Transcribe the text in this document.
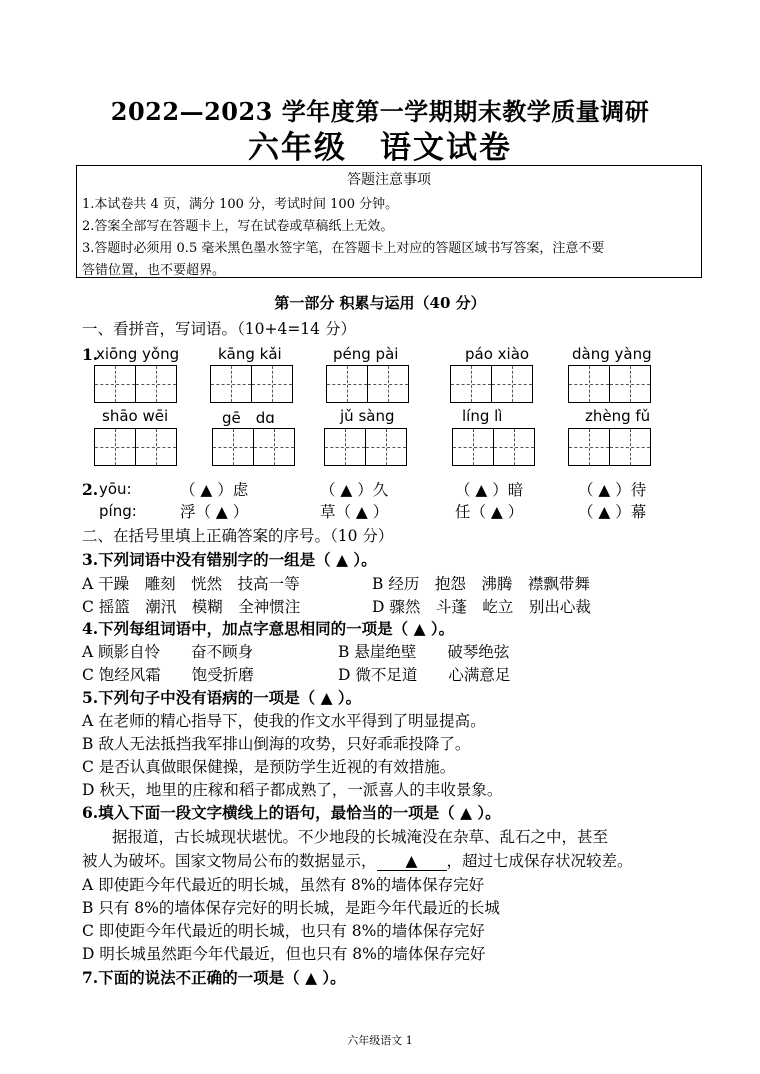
2022—2023 学年度第一学期期末教学质量调研
六年级　语文试卷
答题注意事项
1.本试卷共 4 页，满分 100 分，考试时间 100 分钟。
2.答案全部写在答题卡上，写在试卷或草稿纸上无效。
3.答题时必须用 0.5 毫米黑色墨水签字笔，在答题卡上对应的答题区域书写答案，注意不要
答错位置，也不要超界。
第一部分 积累与运用（40 分）
一、看拼音，写词语。（10+4=14 分）
1.
xiōng yǒng	kāng kǎi	péng pài	páo xiào	dàng yàng
shāo wēi	gē　dɑ	jǔ sàng	líng lì	zhèng fǔ
2. yōu:	（ ▲ ）虑	（ ▲ ）久	（ ▲ ）暗	（ ▲ ）待
píng:	浮（ ▲ ）	草（ ▲ ）	任（ ▲ ）	（ ▲ ）幕
二、在括号里填上正确答案的序号。（10 分）
3.下列词语中没有错别字的一组是（ ▲ ）。
A 干躁　雕刻　恍然　技高一等	B 经历　抱怨　沸腾　襟飘带舞
C 摇篮　潮汛　模糊　全神惯注	D 骤然　斗蓬　屹立　别出心裁
4.下列每组词语中，加点字意思相同的一项是（ ▲ ）。
A 顾影自怜　　奋不顾身	B 悬崖绝壁　　破琴绝弦
C 饱经风霜　　饱受折磨	D 微不足道　　心满意足
5.下列句子中没有语病的一项是（ ▲ ）。
A 在老师的精心指导下，使我的作文水平得到了明显提高。
B 敌人无法抵挡我军排山倒海的攻势，只好乖乖投降了。
C 是否认真做眼保健操，是预防学生近视的有效措施。
D 秋天，地里的庄稼和稻子都成熟了，一派喜人的丰收景象。
6.填入下面一段文字横线上的语句，最恰当的一项是（ ▲ ）。
据报道，古长城现状堪忧。不少地段的长城淹没在杂草、乱石之中，甚至
被人为破坏。国家文物局公布的数据显示， ▲ ，超过七成保存状况较差。
A 即使距今年代最近的明长城，虽然有 8%的墙体保存完好
B 只有 8%的墙体保存完好的明长城，是距今年代最近的长城
C 即使距今年代最近的明长城，也只有 8%的墙体保存完好
D 明长城虽然距今年代最近，但也只有 8%的墙体保存完好
7.下面的说法不正确的一项是（ ▲ ）。
六年级语文 1
